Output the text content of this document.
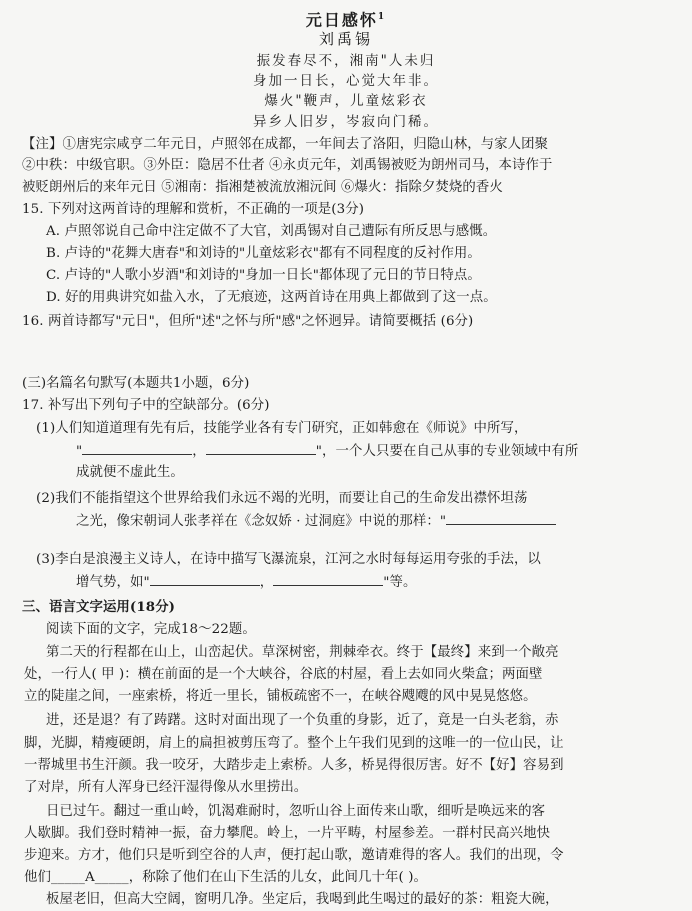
元日感怀$^1$
刘禹锡
振发春尽不，湘南"人未归
身加一日长，心觉大年非。
爆火"鞭声，儿童炫彩衣
异乡人旧岁，岑寂向门稀。
【注】①唐宪宗咸亨二年元日，卢照邻在成都，一年间去了洛阳，归隐山林，与家人团聚
②中秩：中级官职。③外臣：隐居不仕者 ④永贞元年，刘禹锡被贬为朗州司马，本诗作于
被贬朗州后的来年元日 ⑤湘南：指湘楚被流放湘沅间 ⑥爆火：指除夕焚烧的香火
15. 下列对这两首诗的理解和赏析，不正确的一项是(3分)
A. 卢照邻说自己命中注定做不了大官，刘禹锡对自己遭际有所反思与感慨。
B. 卢诗的"花舞大唐春"和刘诗的"儿童炫彩衣"都有不同程度的反衬作用。
C. 卢诗的"人歌小岁酒"和刘诗的"身加一日长"都体现了元日的节日特点。
D. 好的用典讲究如盐入水，了无痕迹，这两首诗在用典上都做到了这一点。
16. 两首诗都写"元日"，但所"述"之怀与所"感"之怀迥异。请简要概括 (6分)
(三)名篇名句默写(本题共1小题，6分)
17. 补写出下列句子中的空缺部分。(6分)
(1)人们知道道理有先有后，技能学业各有专门研究，正如韩愈在《师说》中所写，
"	，	"，一个人只要在自己从事的专业领域中有所
成就便不虚此生。
(2)我们不能指望这个世界给我们永远不竭的光明，而要让自己的生命发出襟怀坦荡
之光，像宋朝词人张孝祥在《念奴娇 · 过洞庭》中说的那样："
(3)李白是浪漫主义诗人，在诗中描写飞瀑流泉，江河之水时每每运用夸张的手法，以
增气势，如"	，	"等。
三、语言文字运用(18分)
阅读下面的文字，完成18～22题。
第二天的行程都在山上，山峦起伏。草深树密，荆棘牵衣。终于【最终】来到一个敞亮
处，一行人( 甲 )：横在前面的是一个大峡谷，谷底的村屋，看上去如同火柴盒；两面壁
立的陡崖之间，一座索桥，将近一里长，铺板疏密不一，在峡谷飕飕的风中晃晃悠悠。
进，还是退？有了踌躇。这时对面出现了一个负重的身影，近了，竟是一白头老翁，赤
脚，光脚，精瘦硬朗，肩上的扁担被剪压弯了。整个上午我们见到的这唯一的一位山民，让
一帮城里书生汗颜。我一咬牙，大踏步走上索桥。人多，桥晃得很厉害。好不【好】容易到
了对岸，所有人浑身已经汗湿得像从水里捞出。
日已过午。翻过一重山岭，饥渴难耐时，忽听山谷上面传来山歌，细听是唤远来的客
人歇脚。我们登时精神一振，奋力攀爬。岭上，一片平畴，村屋参差。一群村民高兴地快
步迎来。方才，他们只是听到空谷的人声，便打起山歌，邀请难得的客人。我们的出现，令
他们_____A_____，称除了他们在山下生活的儿女，此间几十年( )。
板屋老旧，但高大空阔，窗明几净。坐定后，我喝到此生喝过的最好的茶：粗瓷大碗，
